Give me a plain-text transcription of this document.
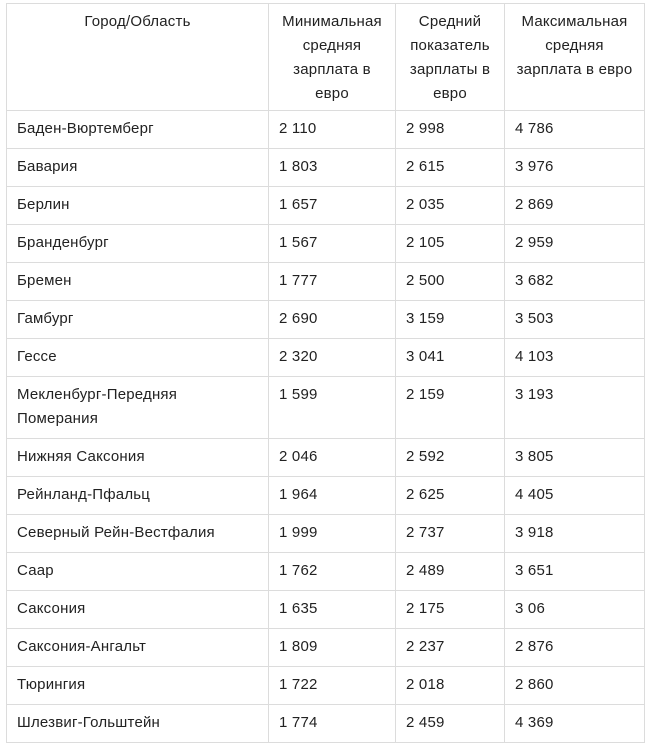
Город/Область	Минимальная средняя зарплата в евро	Средний показатель зарплаты в евро	Максимальная средняя зарплата в евро
Баден-Вюртемберг	2 110	2 998	4 786
Бавария	1 803	2 615	3 976
Берлин	1 657	2 035	2 869
Бранденбург	1 567	2 105	2 959
Бремен	1 777	2 500	3 682
Гамбург	2 690	3 159	3 503
Гессе	2 320	3 041	4 103
Мекленбург-Передняя Померания	1 599	2 159	3 193
Нижняя Саксония	2 046	2 592	3 805
Рейнланд-Пфальц	1 964	2 625	4 405
Северный Рейн-Вестфалия	1 999	2 737	3 918
Саар	1 762	2 489	3 651
Саксония	1 635	2 175	3 06
Саксония-Ангальт	1 809	2 237	2 876
Тюрингия	1 722	2 018	2 860
Шлезвиг-Гольштейн	1 774	2 459	4 369
